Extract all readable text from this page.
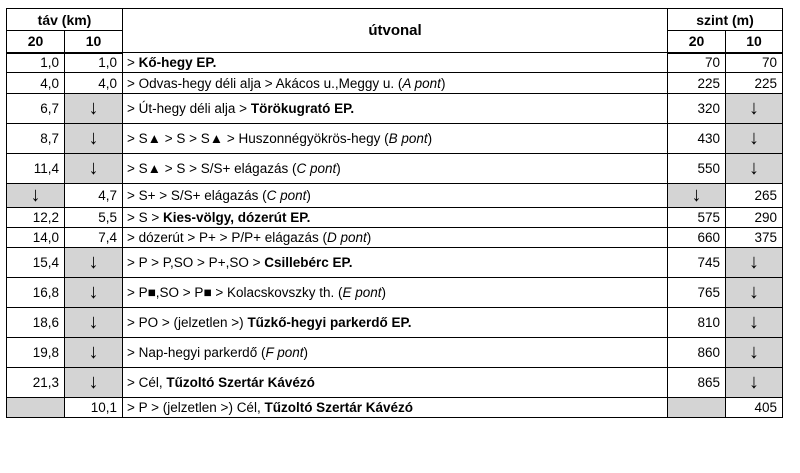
táv (km)		útvonal	szint (m)	
20	10		20	10
1,0	1,0	> Kő-hegy EP.	70	70
4,0	4,0	> Odvas-hegy déli alja > Akácos u.,Meggy u. (A pont)	225	225
6,7	↓	> Út-hegy déli alja > Törökugrató EP.	320	↓
8,7	↓	> S▲ > S > S▲ > Huszonnégyökrös-hegy (B pont)	430	↓
11,4	↓	> S▲ > S > S/S+ elágazás (C pont)	550	↓
↓	4,7	> S+ > S/S+ elágazás (C pont)	↓	265
12,2	5,5	> S > Kies-völgy, dózerút EP.	575	290
14,0	7,4	> dózerút > P+ > P/P+ elágazás (D pont)	660	375
15,4	↓	> P > P,SO > P+,SO > Csillebérc EP.	745	↓
16,8	↓	> P■,SO > P■ > Kolacskovszky th. (E pont)	765	↓
18,6	↓	> PO > (jelzetlen >) Tűzkő-hegyi parkerdő EP.	810	↓
19,8	↓	> Nap-hegyi parkerdő (F pont)	860	↓
21,3	↓	> Cél, Tűzoltó Szertár Kávézó	865	↓
	10,1	> P > (jelzetlen >) Cél, Tűzoltó Szertár Kávézó		405
